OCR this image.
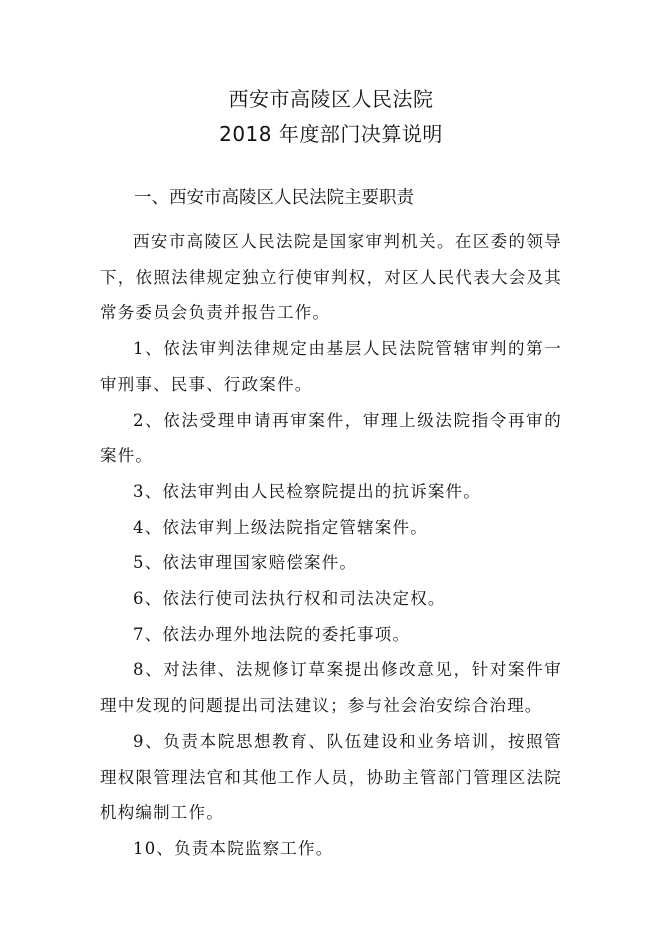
西安市高陵区人民法院
2018 年度部门决算说明
一、西安市高陵区人民法院主要职责

西安市高陵区人民法院是国家审判机关。在区委的领导下，依照法律规定独立行使审判权，对区人民代表大会及其常务委员会负责并报告工作。

1、依法审判法律规定由基层人民法院管辖审判的第一审刑事、民事、行政案件。

2、依法受理申请再审案件，审理上级法院指令再审的案件。

3、依法审判由人民检察院提出的抗诉案件。

4、依法审判上级法院指定管辖案件。

5、依法审理国家赔偿案件。

6、依法行使司法执行权和司法决定权。

7、依法办理外地法院的委托事项。

8、对法律、法规修订草案提出修改意见，针对案件审理中发现的问题提出司法建议；参与社会治安综合治理。

9、负责本院思想教育、队伍建设和业务培训，按照管理权限管理法官和其他工作人员，协助主管部门管理区法院机构编制工作。

10、负责本院监察工作。
